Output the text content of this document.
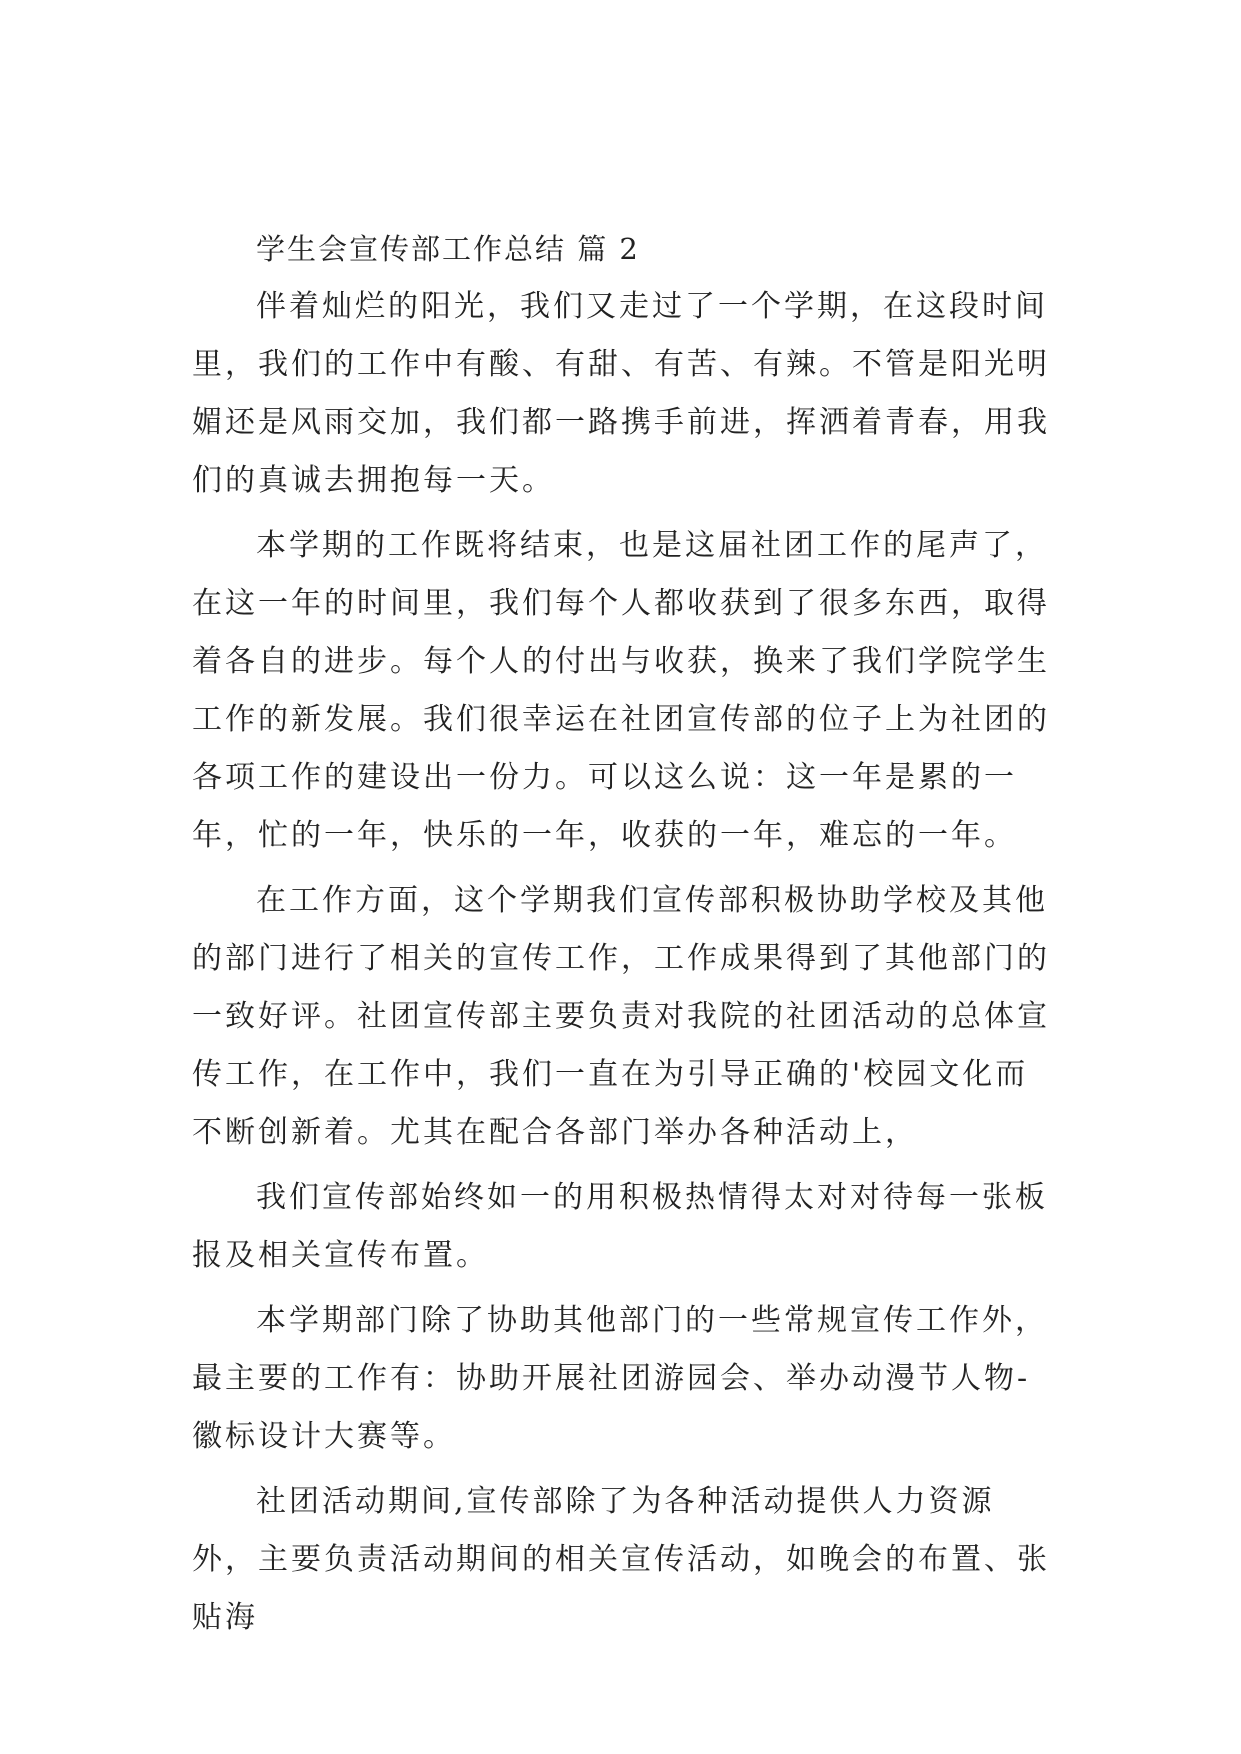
学生会宣传部工作总结 篇 2

伴着灿烂的阳光，我们又走过了一个学期，在这段时间里，我们的工作中有酸、有甜、有苦、有辣。不管是阳光明媚还是风雨交加，我们都一路携手前进，挥洒着青春，用我们的真诚去拥抱每一天。

本学期的工作既将结束，也是这届社团工作的尾声了，在这一年的时间里，我们每个人都收获到了很多东西，取得着各自的进步。每个人的付出与收获，换来了我们学院学生工作的新发展。我们很幸运在社团宣传部的位子上为社团的各项工作的建设出一份力。可以这么说：这一年是累的一年，忙的一年，快乐的一年，收获的一年，难忘的一年。

在工作方面，这个学期我们宣传部积极协助学校及其他的部门进行了相关的宣传工作，工作成果得到了其他部门的一致好评。社团宣传部主要负责对我院的社团活动的总体宣传工作，在工作中，我们一直在为引导正确的'校园文化而不断创新着。尤其在配合各部门举办各种活动上，

我们宣传部始终如一的用积极热情得太对对待每一张板报及相关宣传布置。

本学期部门除了协助其他部门的一些常规宣传工作外，最主要的工作有：协助开展社团游园会、举办动漫节人物-徽标设计大赛等。

社团活动期间,宣传部除了为各种活动提供人力资源外，主要负责活动期间的相关宣传活动，如晚会的布置、张贴海
